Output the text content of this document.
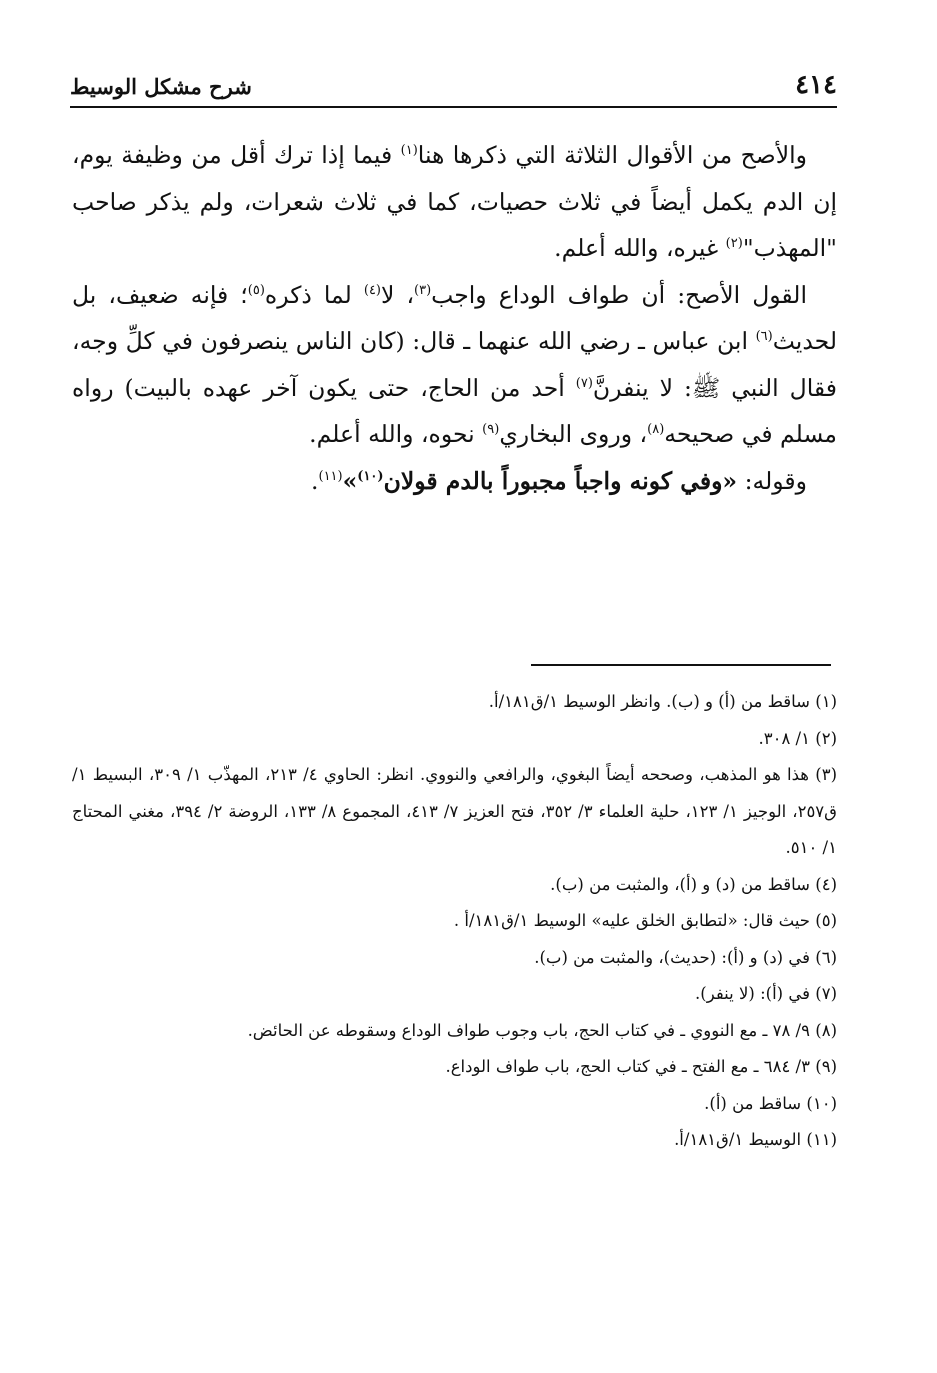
٤١٤
شرح مشكل الوسيط

والأصح من الأقوال الثلاثة التي ذكرها هنا$^{(١)}$ فيما إذا ترك أقل من وظيفة يوم، إن الدم يكمل أيضاً في ثلاث حصيات، كما في ثلاث شعرات، ولم يذكر صاحب "المهذب"$^{(٢)}$ غيره، والله أعلم.

القول الأصح: أن طواف الوداع واجب$^{(٣)}$، لا$^{(٤)}$ لما ذكره$^{(٥)}$؛ فإنه ضعيف، بل لحديث$^{(٦)}$ ابن عباس ـ رضي الله عنهما ـ قال: (كان الناس ينصرفون في كلِّ وجه، فقال النبي ﷺ: لا ينفرنَّ$^{(٧)}$ أحد من الحاج، حتى يكون آخر عهده بالبيت) رواه مسلم في صحيحه$^{(٨)}$، وروى البخاري$^{(٩)}$ نحوه، والله أعلم.

وقوله: «وفي كونه واجباً مجبوراً بالدم قولان$^{(١٠)}$»$^{(١١)}$.

(١) ساقط من (أ) و (ب). وانظر الوسيط ١/ق١٨١/أ.

(٢) ١/ ٣٠٨.

(٣) هذا هو المذهب، وصححه أيضاً البغوي، والرافعي والنووي. انظر: الحاوي ٤/ ٢١٣، المهذّب ١/ ٣٠٩، البسيط ١/ق٢٥٧، الوجيز ١/ ١٢٣، حلية العلماء ٣/ ٣٥٢، فتح العزيز ٧/ ٤١٣، المجموع ٨/ ١٣٣، الروضة ٢/ ٣٩٤، مغني المحتاج ١/ ٥١٠.

(٤) ساقط من (د) و (أ)، والمثبت من (ب).

(٥) حيث قال: «لتطابق الخلق عليه» الوسيط ١/ق١٨١/أ .

(٦) في (د) و (أ): (حديث)، والمثبت من (ب).

(٧) في (أ): (لا ينفر).

(٨) ٩/ ٧٨ ـ مع النووي ـ في كتاب الحج، باب وجوب طواف الوداع وسقوطه عن الحائض.

(٩) ٣/ ٦٨٤ ـ مع الفتح ـ في كتاب الحج، باب طواف الوداع.

(١٠) ساقط من (أ).

(١١) الوسيط ١/ق١٨١/أ.
